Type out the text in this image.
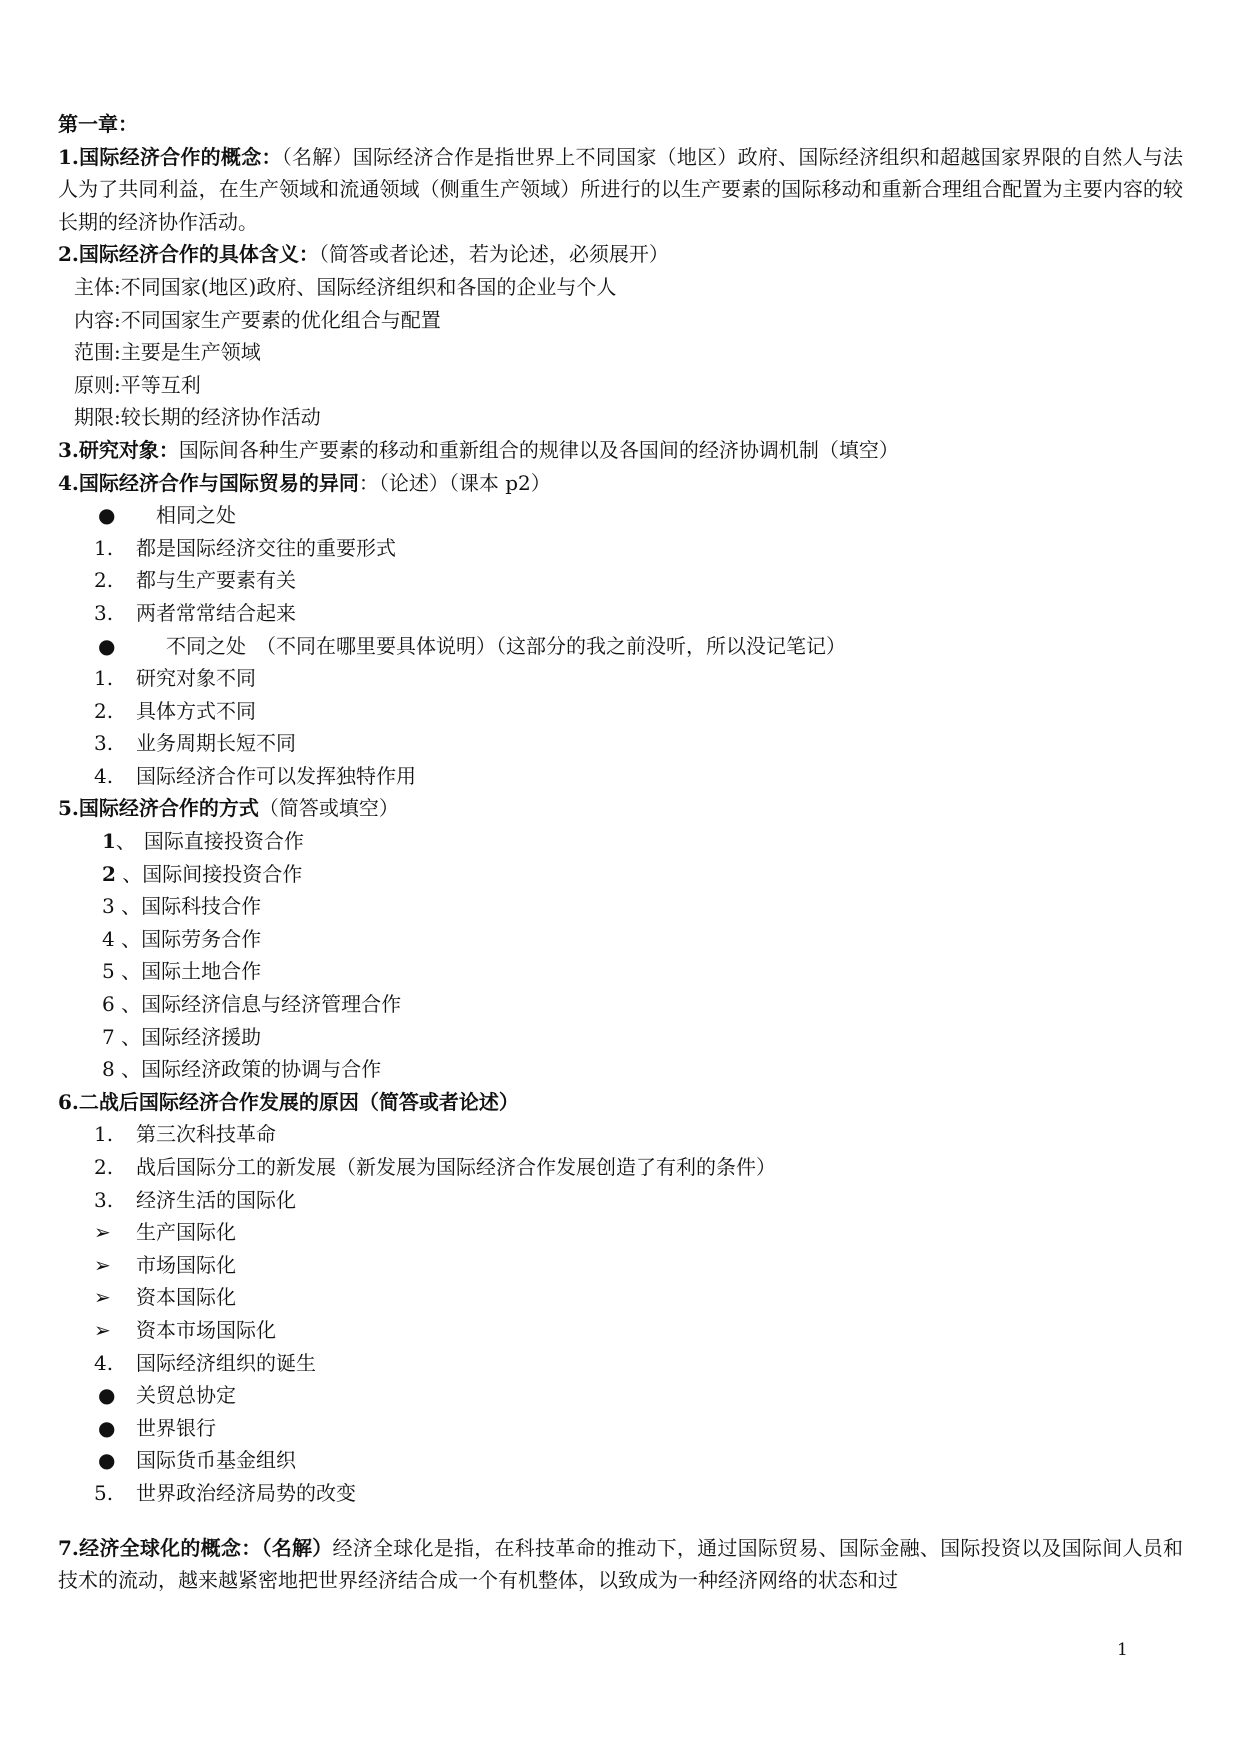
第一章：
1.国际经济合作的概念：（名解）国际经济合作是指世界上不同国家（地区）政府、国际经济组织和超越国家界限的自然人与法人为了共同利益，在生产领域和流通领域（侧重生产领域）所进行的以生产要素的国际移动和重新合理组合配置为主要内容的较长期的经济协作活动。
2.国际经济合作的具体含义：（简答或者论述，若为论述，必须展开）
主体:不同国家(地区)政府、国际经济组织和各国的企业与个人
内容:不同国家生产要素的优化组合与配置
范围:主要是生产领域
原则:平等互利
期限:较长期的经济协作活动
3.研究对象：国际间各种生产要素的移动和重新组合的规律以及各国间的经济协调机制（填空）
4.国际经济合作与国际贸易的异同：（论述）（课本 p2）
● 相同之处
1. 都是国际经济交往的重要形式
2. 都与生产要素有关
3. 两者常常结合起来
●	不同之处　（不同在哪里要具体说明）（这部分的我之前没听，所以没记笔记）
1. 研究对象不同
2. 具体方式不同
3. 业务周期长短不同
4. 国际经济合作可以发挥独特作用
5.国际经济合作的方式（简答或填空）
1、 国际直接投资合作
2 、国际间接投资合作
3 、国际科技合作
4 、国际劳务合作
5 、国际土地合作
6 、国际经济信息与经济管理合作
7 、国际经济援助
8 、国际经济政策的协调与合作
6.二战后国际经济合作发展的原因（简答或者论述）
1. 第三次科技革命
2. 战后国际分工的新发展（新发展为国际经济合作发展创造了有利的条件）
3. 经济生活的国际化
➢ 生产国际化
➢ 市场国际化
➢ 资本国际化
➢ 资本市场国际化
4. 国际经济组织的诞生
● 关贸总协定
● 世界银行
● 国际货币基金组织
5. 世界政治经济局势的改变
7.经济全球化的概念：（名解）经济全球化是指，在科技革命的推动下，通过国际贸易、国际金融、国际投资以及国际间人员和技术的流动，越来越紧密地把世界经济结合成一个有机整体，以致成为一种经济网络的状态和过
1
